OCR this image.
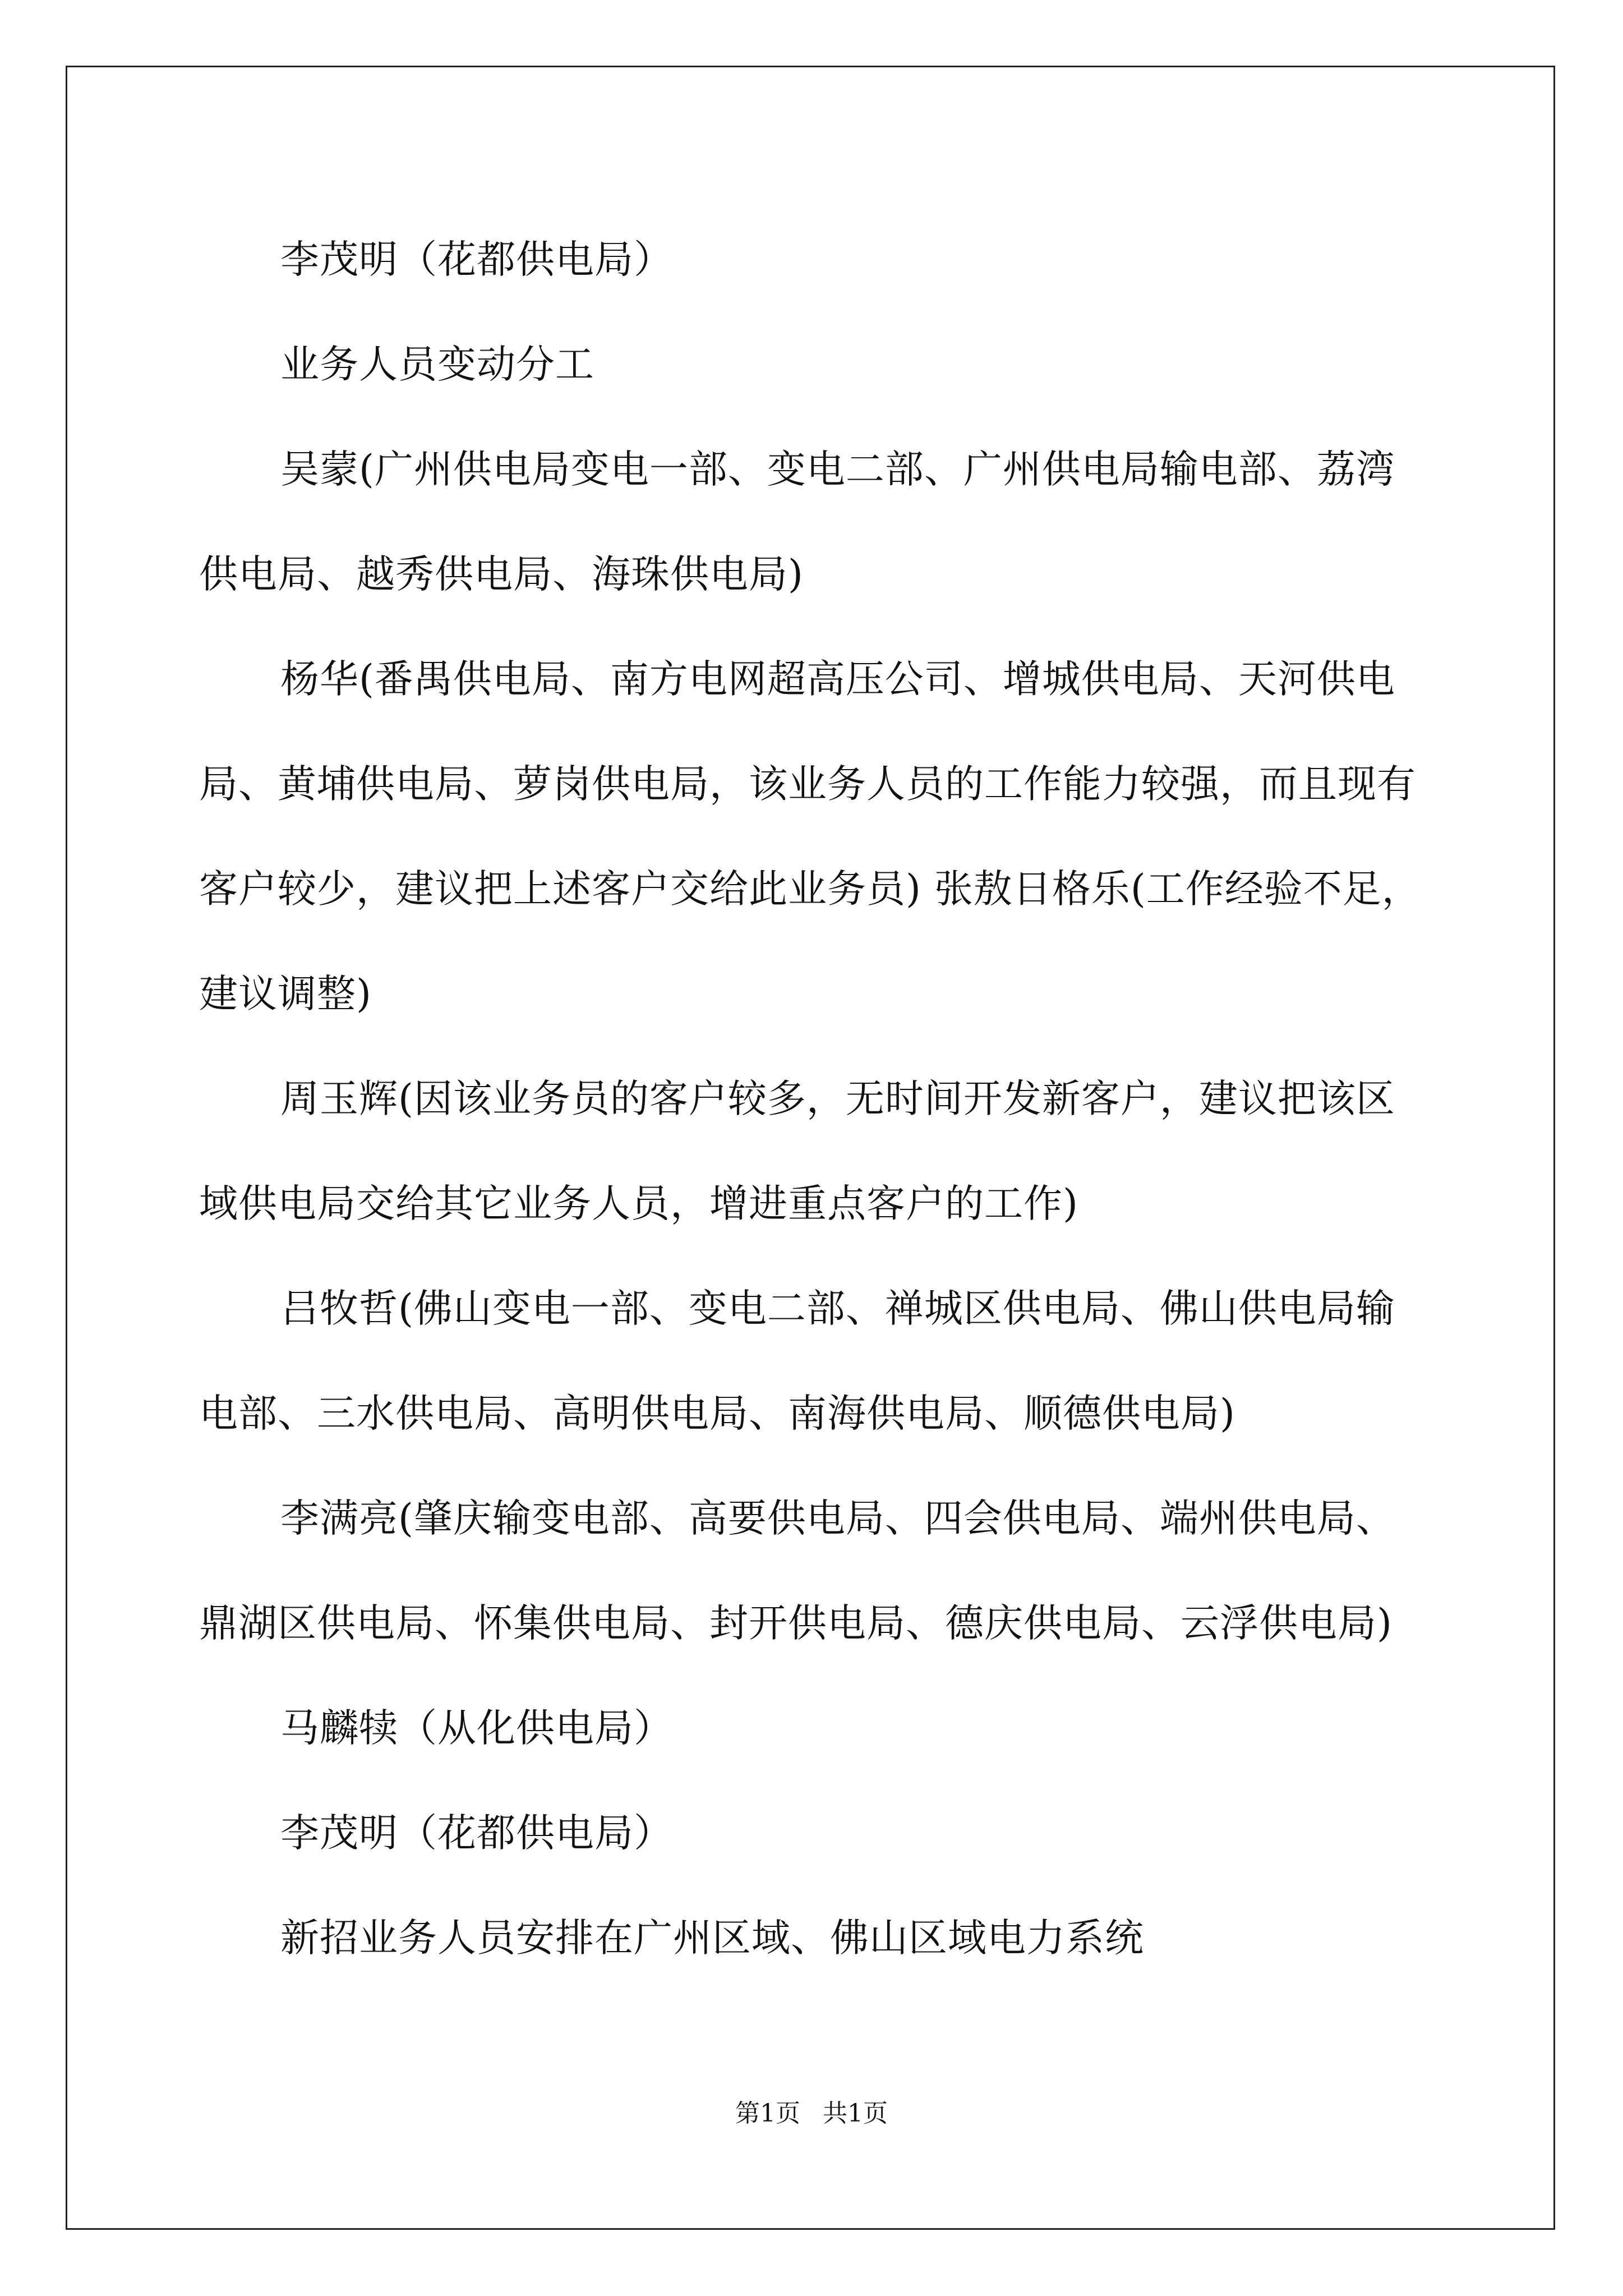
李茂明（花都供电局）

业务人员变动分工

吴蒙(广州供电局变电一部、变电二部、广州供电局输电部、荔湾供电局、越秀供电局、海珠供电局)

杨华(番禺供电局、南方电网超高压公司、增城供电局、天河供电局、黄埔供电局、萝岗供电局，该业务人员的工作能力较强，而且现有客户较少，建议把上述客户交给此业务员) 张敖日格乐(工作经验不足，建议调整)

周玉辉(因该业务员的客户较多，无时间开发新客户，建议把该区域供电局交给其它业务人员，增进重点客户的工作)

吕牧哲(佛山变电一部、变电二部、禅城区供电局、佛山供电局输电部、三水供电局、高明供电局、南海供电局、顺德供电局)

李满亮(肇庆输变电部、高要供电局、四会供电局、端州供电局、鼎湖区供电局、怀集供电局、封开供电局、德庆供电局、云浮供电局)

马麟犊（从化供电局）

李茂明（花都供电局）

新招业务人员安排在广州区域、佛山区域电力系统

第1页 共1页
